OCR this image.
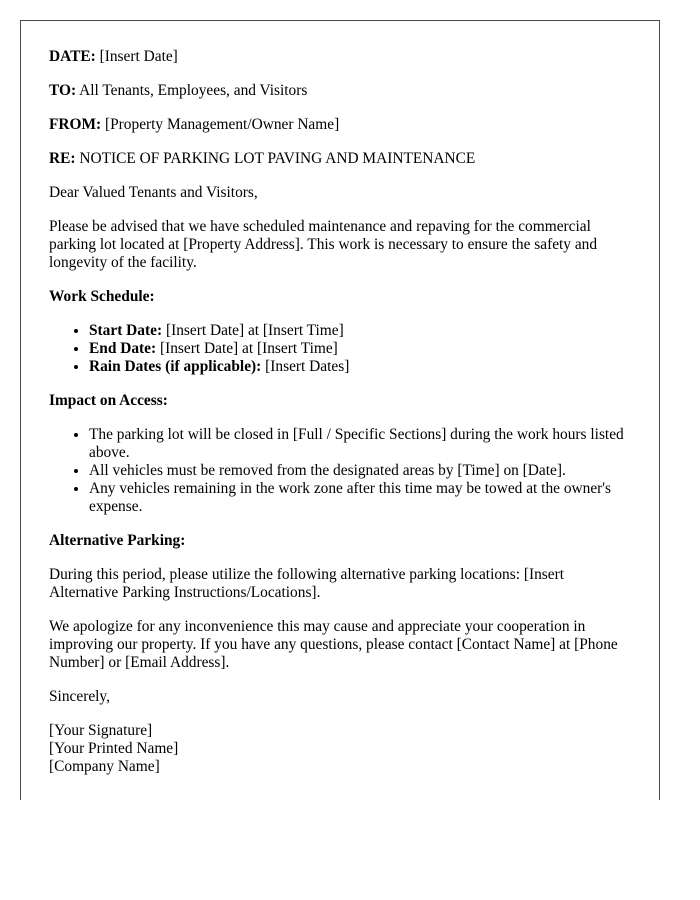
DATE: [Insert Date]

TO: All Tenants, Employees, and Visitors

FROM: [Property Management/Owner Name]

RE: NOTICE OF PARKING LOT PAVING AND MAINTENANCE

Dear Valued Tenants and Visitors,

Please be advised that we have scheduled maintenance and repaving for the commercial parking lot located at [Property Address]. This work is necessary to ensure the safety and longevity of the facility.

Work Schedule:

• Start Date: [Insert Date] at [Insert Time]
• End Date: [Insert Date] at [Insert Time]
• Rain Dates (if applicable): [Insert Dates]

Impact on Access:

• The parking lot will be closed in [Full / Specific Sections] during the work hours listed above.
• All vehicles must be removed from the designated areas by [Time] on [Date].
• Any vehicles remaining in the work zone after this time may be towed at the owner's expense.

Alternative Parking:

During this period, please utilize the following alternative parking locations: [Insert Alternative Parking Instructions/Locations].

We apologize for any inconvenience this may cause and appreciate your cooperation in improving our property. If you have any questions, please contact [Contact Name] at [Phone Number] or [Email Address].

Sincerely,

[Your Signature]
[Your Printed Name]
[Company Name]
